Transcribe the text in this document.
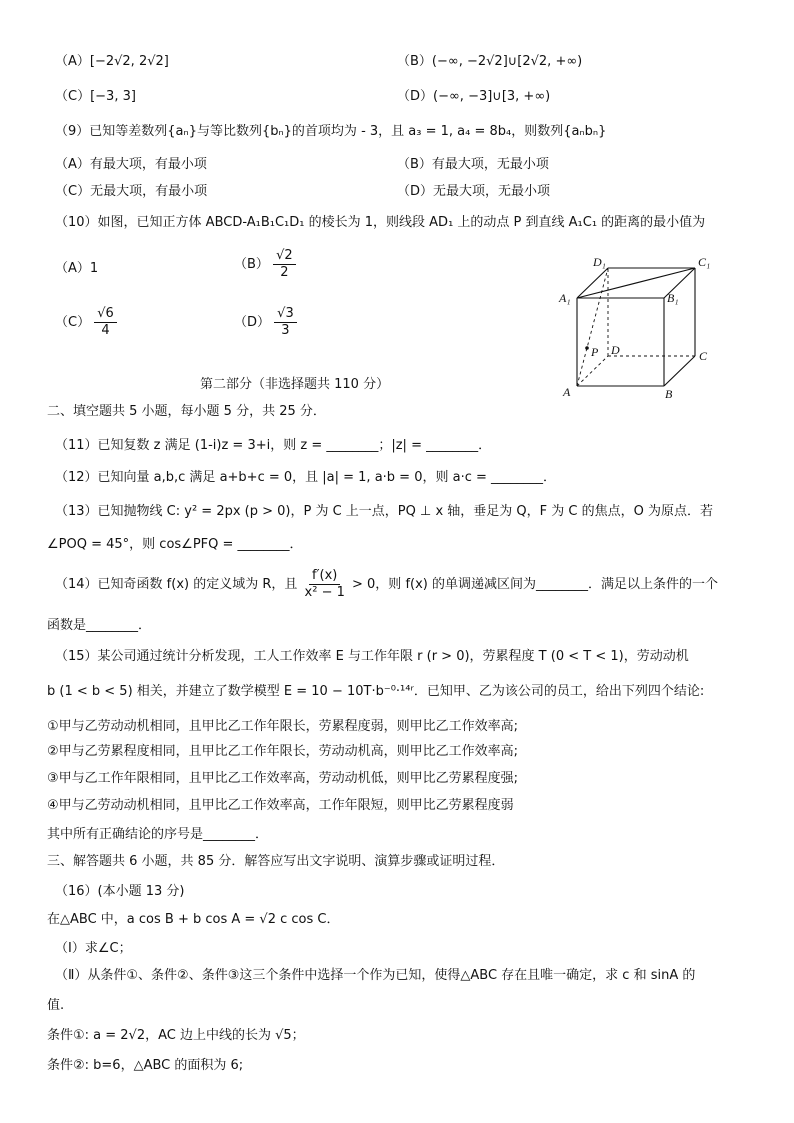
（A）[−2√2, 2√2]	（B）(−∞, −2√2]∪[2√2, +∞)
（C）[−3, 3]	（D）(−∞, −3]∪[3, +∞)
（9）已知等差数列{aₙ}与等比数列{bₙ}的首项均为 - 3，且 a₃ = 1, a₄ = 8b₄，则数列{aₙbₙ}
（A）有最大项，有最小项	（B）有最大项，无最小项
（C）无最大项，有最小项	（D）无最大项，无最小项
（10）如图，已知正方体 ABCD-A₁B₁C₁D₁ 的棱长为 1，则线段 AD₁ 上的动点 P 到直线 A₁C₁ 的距离的最小值为
（A）1	$(B) \frac{√2}{2}$
$(C) \frac{√6}{4}$	$(D) \frac{√3}{3}$
D₁	C₁
A₁	B₁
P D	C
A	B
第二部分（非选择题共 110 分）
二、填空题共 5 小题，每小题 5 分，共 25 分．
（11）已知复数 z 满足 (1-i)z = 3+i，则 z = ________；|z| = ________．
（12）已知向量 a,b,c 满足 a+b+c = 0，且 |a| = 1, a·b = 0，则 a·c = ________．
（13）已知抛物线 C: y² = 2px (p > 0)，P 为 C 上一点，PQ ⊥ x 轴，垂足为 Q，F 为 C 的焦点，O 为原点．若
∠POQ = 45°，则 cos∠PFQ = ________．
（14）已知奇函数 f(x) 的定义域为 R，且 $\frac{f'(x)}{\text{x² − 1}} > 0$，则 f(x) 的单调递减区间为________．满足以上条件的一个
函数是________．
（15）某公司通过统计分析发现，工人工作效率 E 与工作年限 r (r > 0)，劳累程度 T (0 < T < 1)，劳动动机
b (1 < b < 5) 相关，并建立了数学模型 E = 10 − 10T·b⁻⁰·¹⁴ʳ．已知甲、乙为该公司的员工，给出下列四个结论:
①甲与乙劳动动机相同，且甲比乙工作年限长，劳累程度弱，则甲比乙工作效率高;
②甲与乙劳累程度相同，且甲比乙工作年限长，劳动动机高，则甲比乙工作效率高;
③甲与乙工作年限相同，且甲比乙工作效率高，劳动动机低，则甲比乙劳累程度强;
④甲与乙劳动动机相同，且甲比乙工作效率高，工作年限短，则甲比乙劳累程度弱
其中所有正确结论的序号是________．
三、解答题共 6 小题，共 85 分．解答应写出文字说明、演算步骤或证明过程．
（16）(本小题 13 分)
在△ABC 中，a cos B + b cos A = √2 c cos C．
（Ⅰ）求∠C；
（Ⅱ）从条件①、条件②、条件③这三个条件中选择一个作为已知，使得△ABC 存在且唯一确定，求 c 和 sinA 的
值.
条件①: a = 2√2，AC 边上中线的长为 √5；
条件②: b=6，△ABC 的面积为 6;
